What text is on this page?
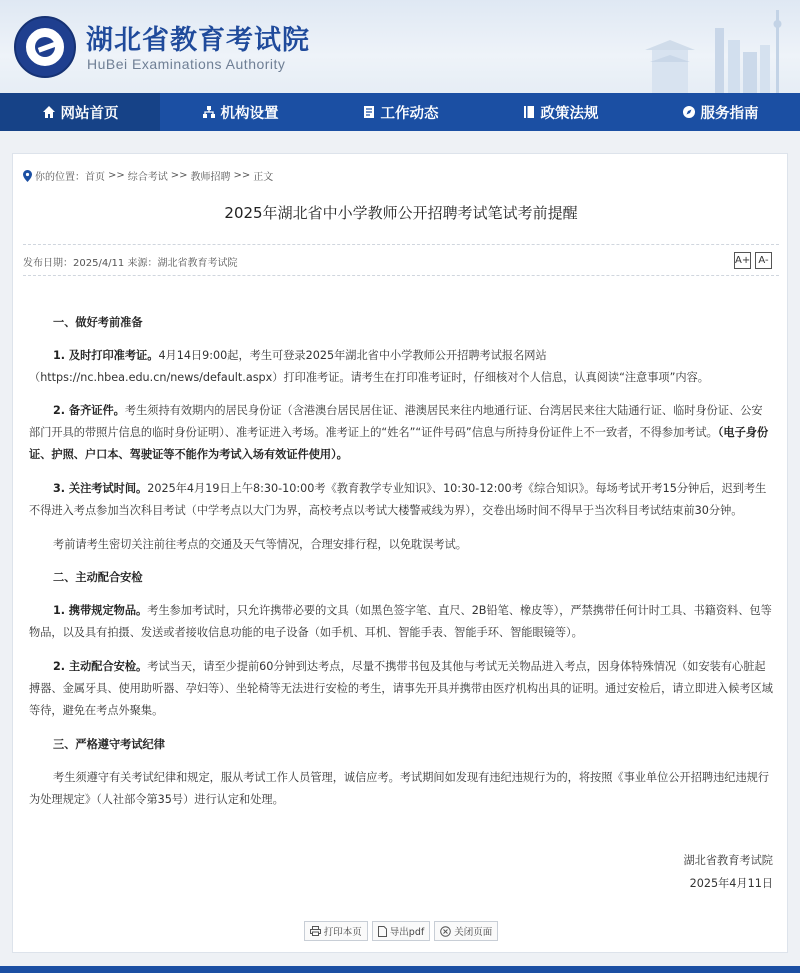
湖北省教育考试院
HuBei Examinations Authority
网站首页	机构设置	工作动态	政策法规	服务指南
你的位置： 首页 >> 综合考试 >> 教师招聘 >> 正文
2025年湖北省中小学教师公开招聘考试笔试考前提醒
发布日期：2025/4/11 来源：湖北省教育考试院	A+ A-
一、做好考前准备
1. 及时打印准考证。4月14日9:00起，考生可登录2025年湖北省中小学教师公开招聘考试报名网站（https://nc.hbea.edu.cn/news/default.aspx）打印准考证。请考生在打印准考证时，仔细核对个人信息，认真阅读“注意事项”内容。
2. 备齐证件。考生须持有效期内的居民身份证（含港澳台居民居住证、港澳居民来往内地通行证、台湾居民来往大陆通行证、临时身份证、公安部门开具的带照片信息的临时身份证明）、准考证进入考场。准考证上的“姓名”“证件号码”信息与所持身份证件上不一致者，不得参加考试。（电子身份证、护照、户口本、驾驶证等不能作为考试入场有效证件使用）。
3. 关注考试时间。2025年4月19日上午8:30-10:00考《教育教学专业知识》、10:30-12:00考《综合知识》。每场考试开考15分钟后，迟到考生不得进入考点参加当次科目考试（中学考点以大门为界，高校考点以考试大楼警戒线为界），交卷出场时间不得早于当次科目考试结束前30分钟。
考前请考生密切关注前往考点的交通及天气等情况，合理安排行程，以免耽误考试。
二、主动配合安检
1. 携带规定物品。考生参加考试时，只允许携带必要的文具（如黑色签字笔、直尺、2B铅笔、橡皮等），严禁携带任何计时工具、书籍资料、包等物品，以及具有拍摄、发送或者接收信息功能的电子设备（如手机、耳机、智能手表、智能手环、智能眼镜等）。
2. 主动配合安检。考试当天，请至少提前60分钟到达考点，尽量不携带书包及其他与考试无关物品进入考点，因身体特殊情况（如安装有心脏起搏器、金属牙具、使用助听器、孕妇等）、坐轮椅等无法进行安检的考生，请事先开具并携带由医疗机构出具的证明。通过安检后，请立即进入候考区域等待，避免在考点外聚集。
三、严格遵守考试纪律
考生须遵守有关考试纪律和规定，服从考试工作人员管理，诚信应考。考试期间如发现有违纪违规行为的，将按照《事业单位公开招聘违纪违规行为处理规定》（人社部令第35号）进行认定和处理。
湖北省教育考试院
2025年4月11日
打印本页	导出pdf	关闭页面
